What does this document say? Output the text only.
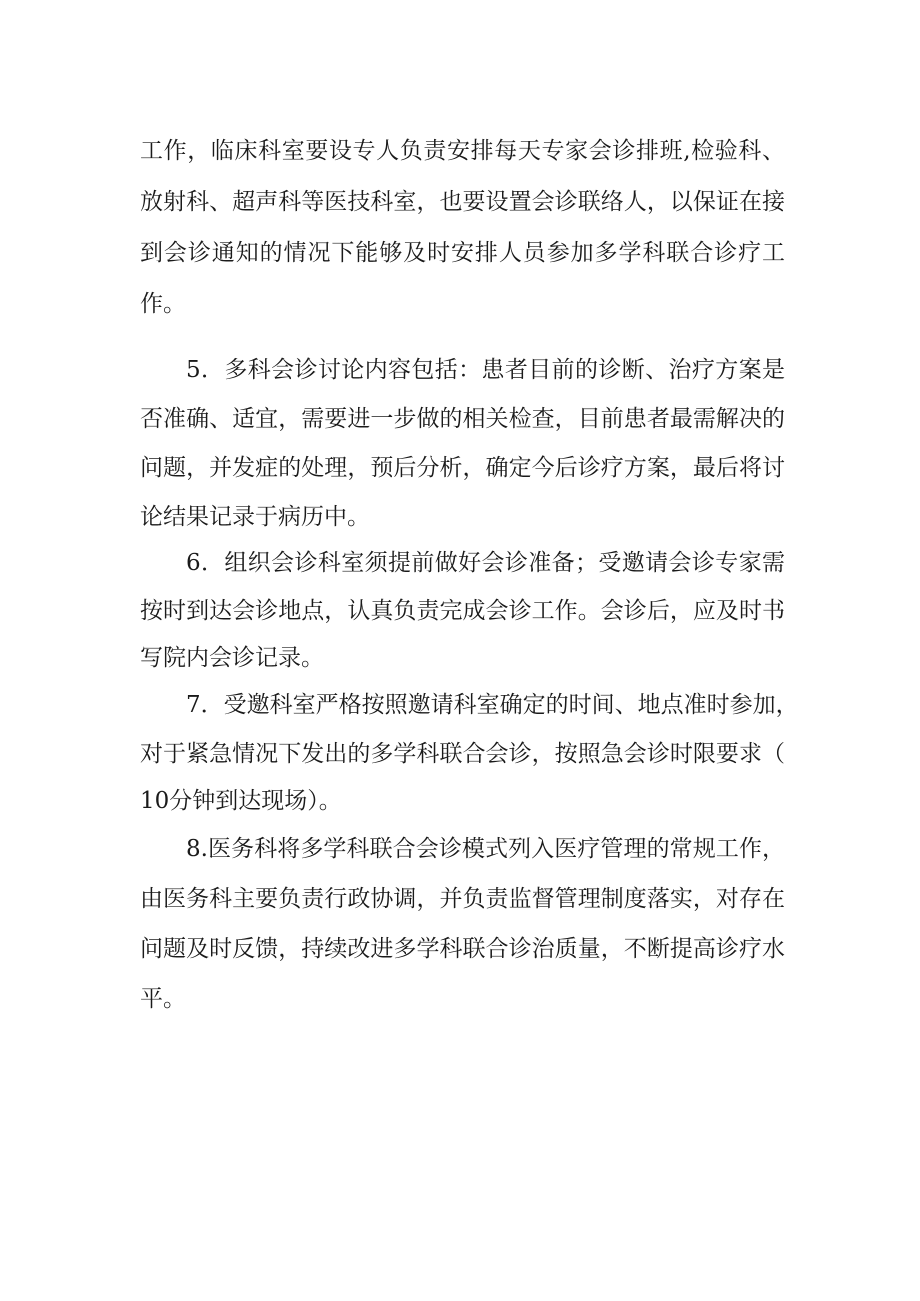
工作，临床科室要设专人负责安排每天专家会诊排班,检验科、
放射科、超声科等医技科室，也要设置会诊联络人，以保证在接
到会诊通知的情况下能够及时安排人员参加多学科联合诊疗工
作。
5．多科会诊讨论内容包括：患者目前的诊断、治疗方案是
否准确、适宜，需要进一步做的相关检查，目前患者最需解决的
问题，并发症的处理，预后分析，确定今后诊疗方案，最后将讨
论结果记录于病历中。
6．组织会诊科室须提前做好会诊准备；受邀请会诊专家需
按时到达会诊地点，认真负责完成会诊工作。会诊后，应及时书
写院内会诊记录。
7．受邀科室严格按照邀请科室确定的时间、地点准时参加，
对于紧急情况下发出的多学科联合会诊，按照急会诊时限要求（
10分钟到达现场）。
8.医务科将多学科联合会诊模式列入医疗管理的常规工作，
由医务科主要负责行政协调，并负责监督管理制度落实，对存在
问题及时反馈，持续改进多学科联合诊治质量，不断提高诊疗水
平。
